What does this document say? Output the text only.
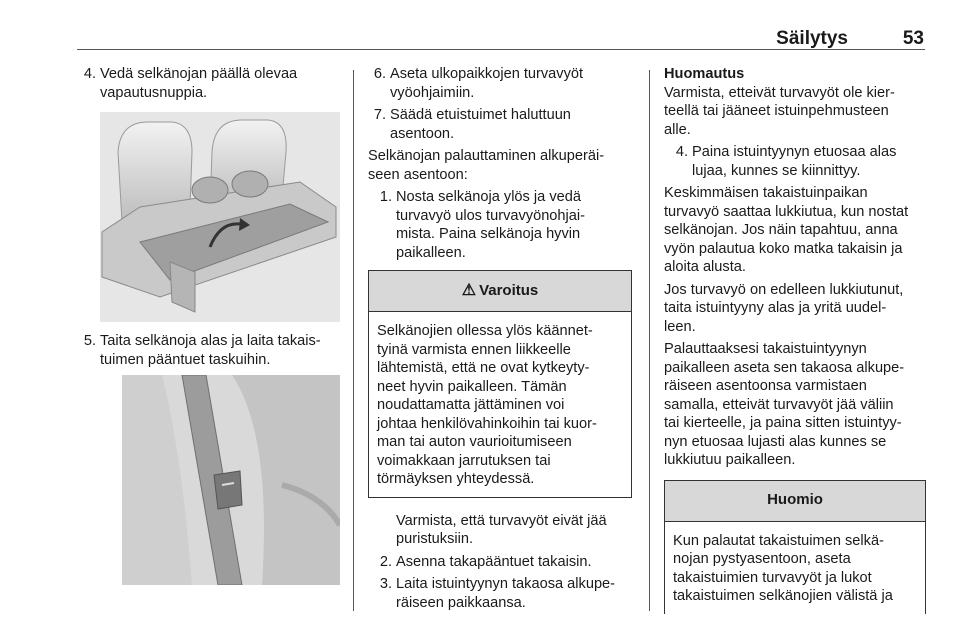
Säilytys	53
4. Vedä selkänojan päällä olevaa

vapautusnuppia.

5. Taita selkänoja alas ja laita takais-

tuimen pääntuet taskuihin.

6. Aseta ulkopaikkojen turvavyöt

vyöohjaimiin.

7. Säädä etuistuimet haluttuun

asentoon.

Selkänojan palauttaminen alkuperäi-

seen asentoon:

1. Nosta selkänoja ylös ja vedä

turvavyö ulos turvavyönohjai-

mista. Paina selkänoja hyvin

paikalleen.

⚠ Varoitus

Selkänojien ollessa ylös käännet-

tyinä varmista ennen liikkeelle

lähtemistä, että ne ovat kytkeyty-

neet hyvin paikalleen. Tämän

noudattamatta jättäminen voi

johtaa henkilövahinkoihin tai kuor-

man tai auton vaurioitumiseen

voimakkaan jarrutuksen tai

törmäyksen yhteydessä.

Varmista, että turvavyöt eivät jää

puristuksiin.

2. Asenna takapääntuet takaisin.

3. Laita istuintyynyn takaosa alkupe-

räiseen paikkaansa.

Huomautus

Varmista, etteivät turvavyöt ole kier-

teellä tai jääneet istuinpehmusteen

alle.

4. Paina istuintyynyn etuosaa alas

lujaa, kunnes se kiinnittyy.

Keskimmäisen takaistuinpaikan

turvavyö saattaa lukkiutua, kun nostat

selkänojan. Jos näin tapahtuu, anna

vyön palautua koko matka takaisin ja

aloita alusta.

Jos turvavyö on edelleen lukkiutunut,

taita istuintyyny alas ja yritä uudel-

leen.

Palauttaaksesi takaistuintyynyn

paikalleen aseta sen takaosa alkupe-

räiseen asentoonsa varmistaen

samalla, etteivät turvavyöt jää väliin

tai kierteelle, ja paina sitten istuintyy-

nyn etuosaa lujasti alas kunnes se

lukkiutuu paikalleen.

Huomio

Kun palautat takaistuimen selkä-

nojan pystyasentoon, aseta

takaistuimien turvavyöt ja lukot

takaistuimen selkänojien välistä ja
